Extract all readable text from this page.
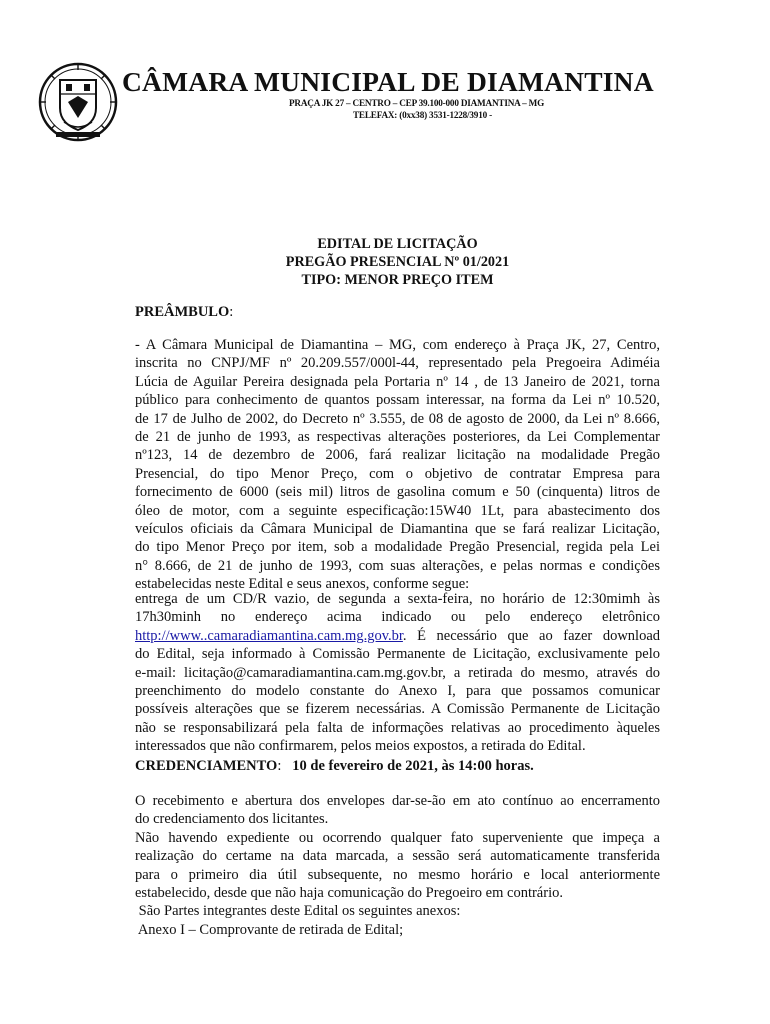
CÂMARA MUNICIPAL DE DIAMANTINA
PRAÇA JK 27 – CENTRO – CEP 39.100-000 DIAMANTINA – MG
TELEFAX: (0xx38) 3531-1228/3910 -
EDITAL DE LICITAÇÃO
PREGÃO PRESENCIAL Nº 01/2021
TIPO: MENOR PREÇO ITEM
PREÂMBULO:
- A Câmara Municipal de Diamantina – MG, com endereço à Praça JK, 27, Centro,
inscrita no CNPJ/MF nº 20.209.557/000l-44, representado pela Pregoeira Adiméia
Lúcia de Aguilar Pereira designada pela Portaria nº 14 , de 13 Janeiro de 2021, torna
público para conhecimento de quantos possam interessar, na forma da Lei nº 10.520,
de 17 de Julho de 2002, do Decreto nº 3.555, de 08 de agosto de 2000, da Lei nº 8.666,
de 21 de junho de 1993, as respectivas alterações posteriores, da Lei Complementar
nº123, 14 de dezembro de 2006, fará realizar licitação na modalidade Pregão
Presencial, do tipo Menor Preço, com o objetivo de contratar Empresa para
fornecimento de 6000 (seis mil) litros de gasolina comum e 50 (cinquenta) litros de
óleo de motor, com a seguinte especificação:15W40 1Lt, para abastecimento dos
veículos oficiais da Câmara Municipal de Diamantina que se fará realizar Licitação,
do tipo Menor Preço por item, sob a modalidade Pregão Presencial, regida pela Lei
n° 8.666, de 21 de junho de 1993, com suas alterações, e pelas normas e condições
estabelecidas neste Edital e seus anexos, conforme segue:
entrega de um CD/R vazio, de segunda a sexta-feira, no horário de 12:30mimh às
17h30minh no endereço acima indicado ou pelo endereço eletrônico
http://www..camaradiamantina.cam.mg.gov.br. É necessário que ao fazer download
do Edital, seja informado à Comissão Permanente de Licitação, exclusivamente pelo
e-mail: licitação@camaradiamantina.cam.mg.gov.br, a retirada do mesmo, através do
preenchimento do modelo constante do Anexo I, para que possamos comunicar
possíveis alterações que se fizerem necessárias. A Comissão Permanente de Licitação
não se responsabilizará pela falta de informações relativas ao procedimento àqueles
interessados que não confirmarem, pelos meios expostos, a retirada do Edital.
CREDENCIAMENTO:   10 de fevereiro de 2021, às 14:00 horas.
O recebimento e abertura dos envelopes dar-se-ão em ato contínuo ao encerramento
do credenciamento dos licitantes.
Não havendo expediente ou ocorrendo qualquer fato superveniente que impeça a
realização do certame na data marcada, a sessão será automaticamente transferida
para o primeiro dia útil subsequente, no mesmo horário e local anteriormente
estabelecido, desde que não haja comunicação do Pregoeiro em contrário.
São Partes integrantes deste Edital os seguintes anexos:
Anexo I – Comprovante de retirada de Edital;
